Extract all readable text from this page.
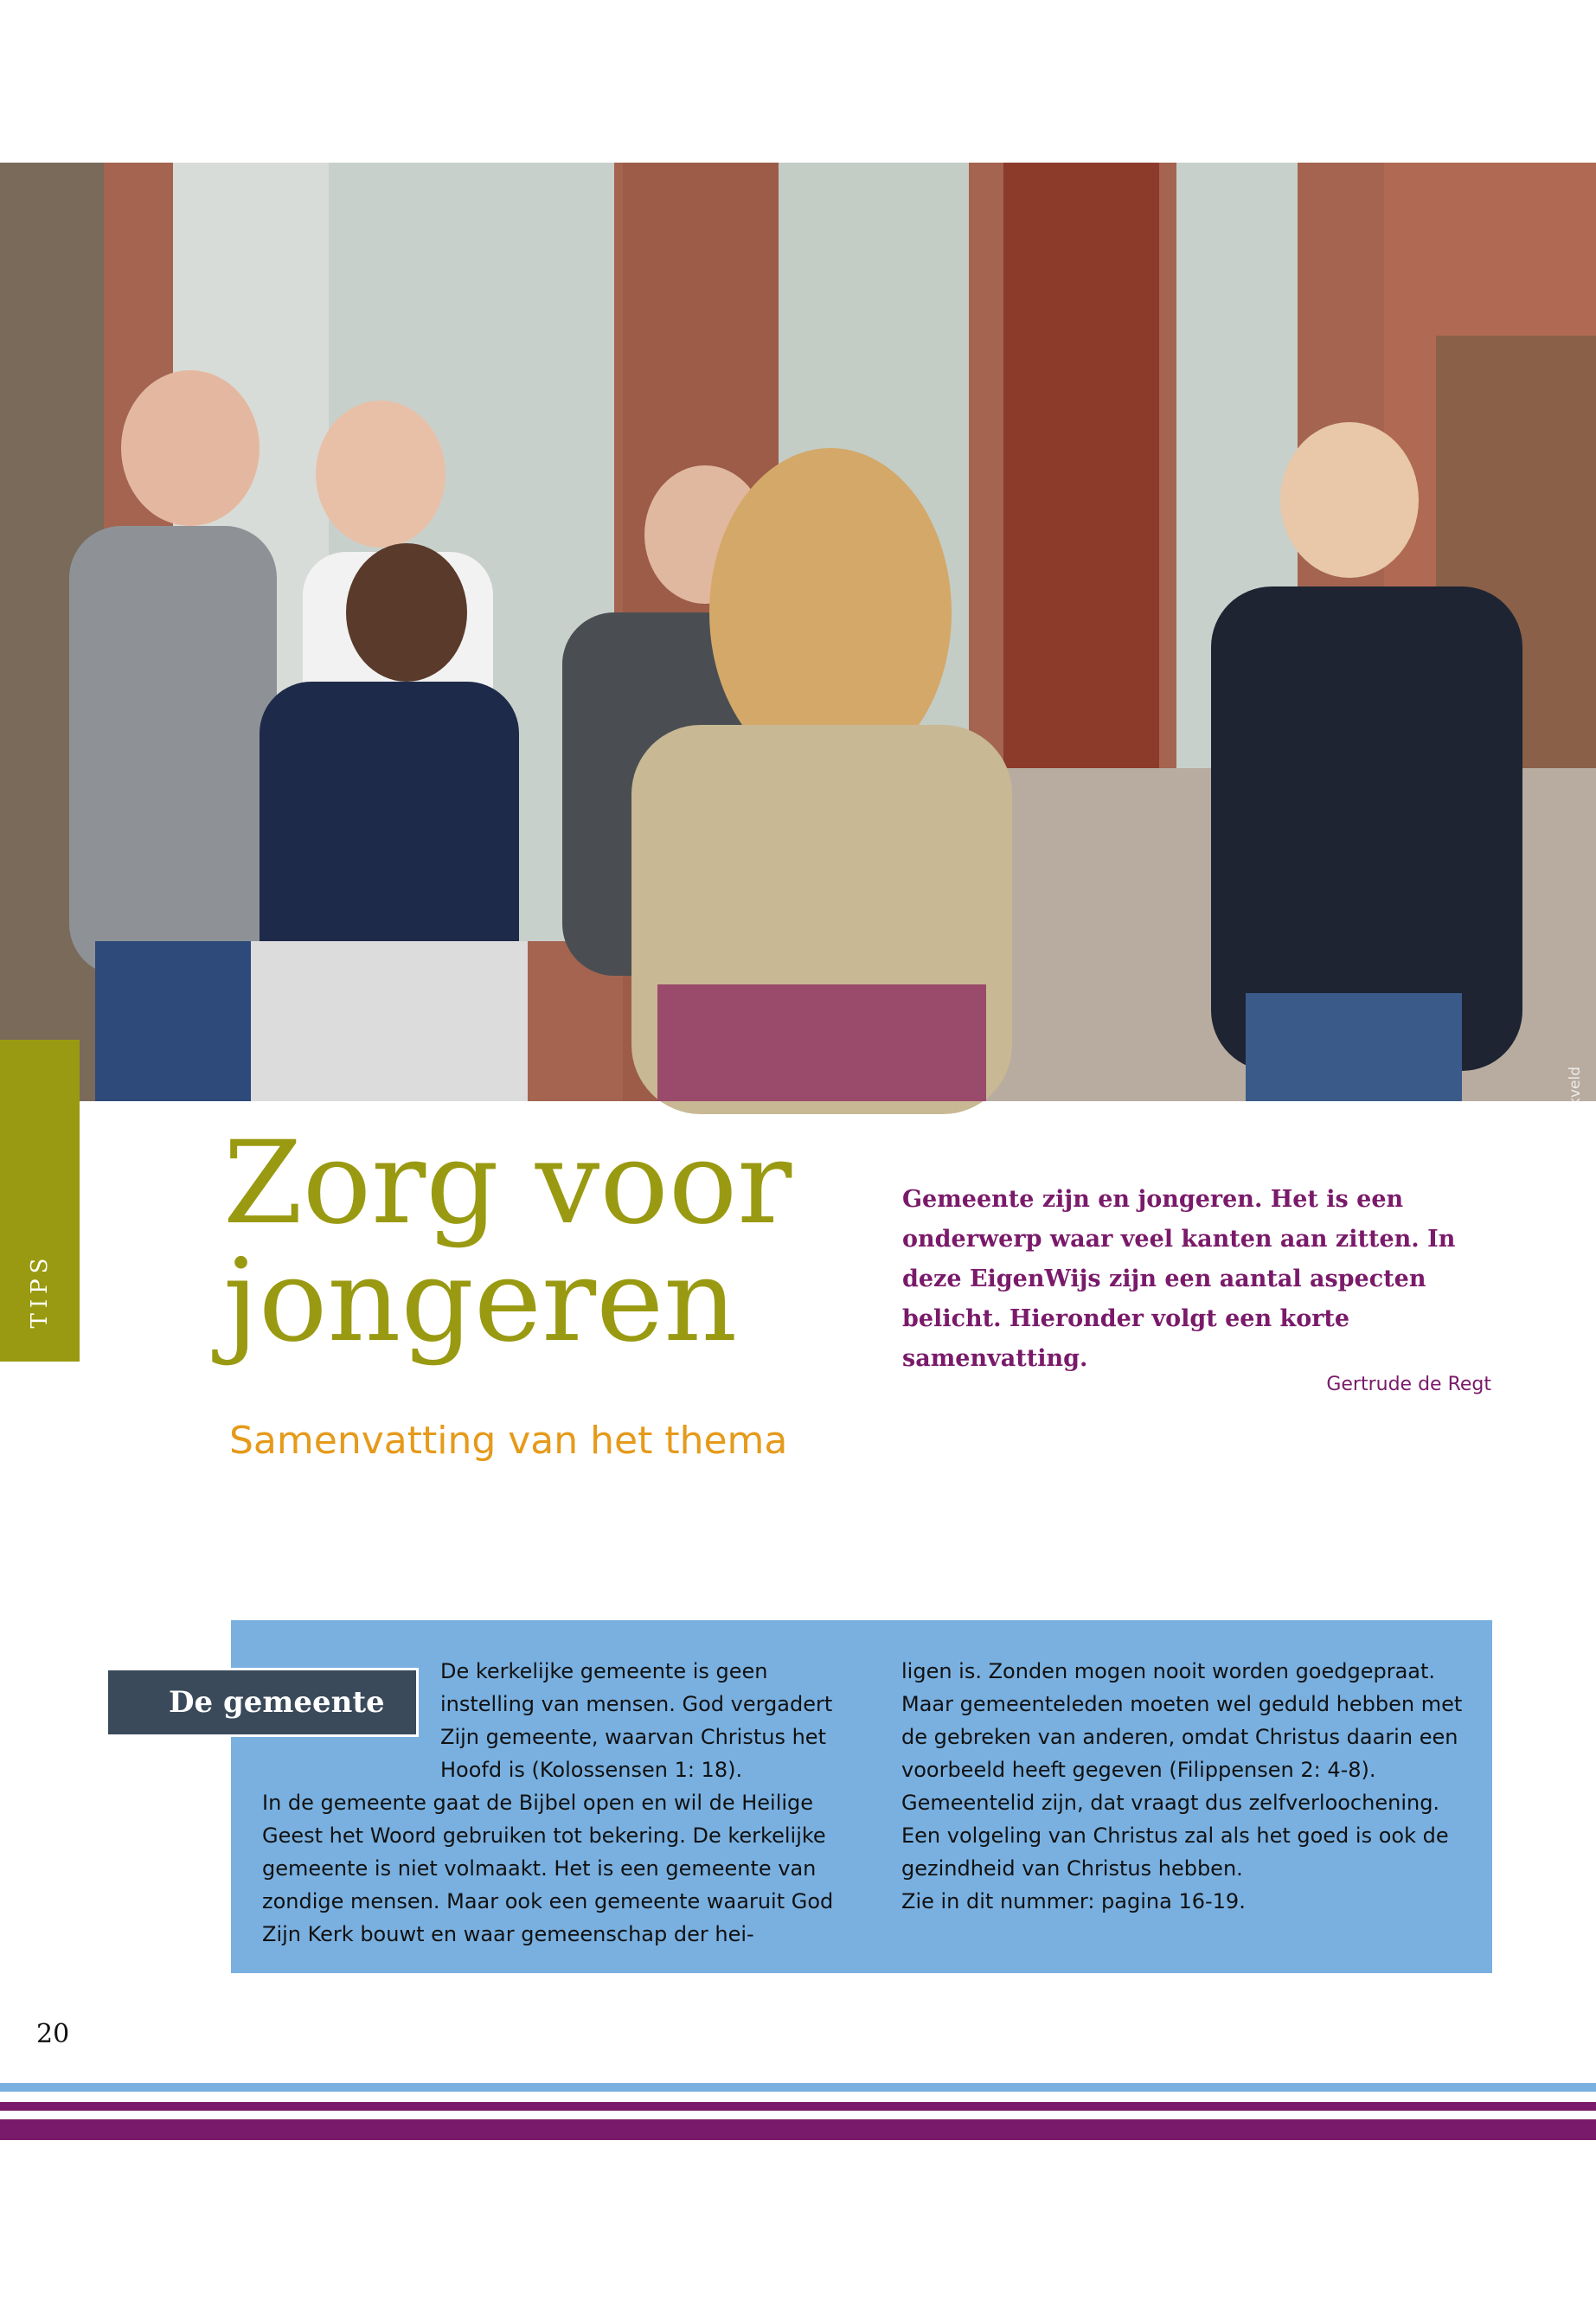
Foto: Robin Zekveld
TIPS
Zorg voor
jongeren
Samenvatting van het thema

Gemeente zijn en jongeren. Het is een onderwerp waar veel kanten aan zitten. In deze EigenWijs zijn een aantal aspecten belicht. Hieronder volgt een korte samenvatting.

Gertrude de Regt

De kerkelijke gemeente is geen instelling van mensen. God vergadert Zijn gemeente, waarvan Christus het Hoofd is (Kolossensen 1: 18).
In de gemeente gaat de Bijbel open en wil de Heilige Geest het Woord gebruiken tot bekering. De kerkelijke gemeente is niet volmaakt. Het is een gemeente van zondige mensen. Maar ook een gemeente waaruit God Zijn Kerk bouwt en waar gemeenschap der hei-

ligen is. Zonden mogen nooit worden goedgepraat. Maar gemeenteleden moeten wel geduld hebben met de gebreken van anderen, omdat Christus daarin een voorbeeld heeft gegeven (Filippensen 2: 4-8). Gemeentelid zijn, dat vraagt dus zelfverloochening. Een volgeling van Christus zal als het goed is ook de gezindheid van Christus hebben.
Zie in dit nummer: pagina 16-19.

De gemeente
20
